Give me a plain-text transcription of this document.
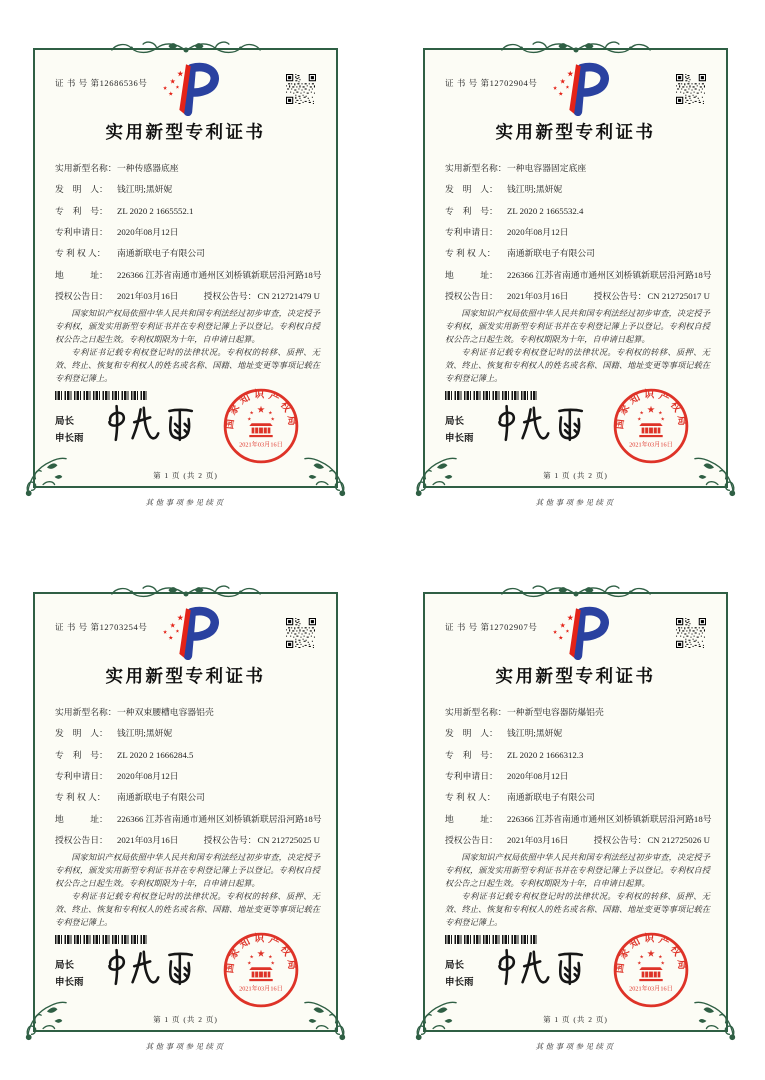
证 书 号 第12686536号
实用新型专利证书
实用新型名称： 一种传感器底座
发　明　人：	钱江明;黑妍妮
专　利　号：	ZL 2020 2 1665552.1
专利申请日：	2020年08月12日
专 利 权 人：	南通新联电子有限公司
地　　　址：	226366 江苏省南通市通州区刘桥镇新联居沿河路18号
授权公告日：	2021年03月16日	授权公告号： CN 212721479 U

国家知识产权局依照中华人民共和国专利法经过初步审查，决定授予专利权，颁发实用新型专利证书并在专利登记簿上予以登记。专利权自授权公告之日起生效。专利权期限为十年，自申请日起算。

专利证书记载专利权登记时的法律状况。专利权的转移、质押、无效、终止、恢复和专利权人的姓名或名称、国籍、地址变更等事项记载在专利登记簿上。

局长
申长雨
国家知识产权局
2021年03月16日
第 1 页 (共 2 页)
其他事项参见续页
证 书 号 第12702904号
实用新型专利证书
实用新型名称： 一种电容器固定底座
发　明　人：	钱江明;黑妍妮
专　利　号：	ZL 2020 2 1665532.4
专利申请日：	2020年08月12日
专 利 权 人：	南通新联电子有限公司
地　　　址：	226366 江苏省南通市通州区刘桥镇新联居沿河路18号
授权公告日：	2021年03月16日	授权公告号： CN 212725017 U

国家知识产权局依照中华人民共和国专利法经过初步审查，决定授予专利权，颁发实用新型专利证书并在专利登记簿上予以登记。专利权自授权公告之日起生效。专利权期限为十年，自申请日起算。

专利证书记载专利权登记时的法律状况。专利权的转移、质押、无效、终止、恢复和专利权人的姓名或名称、国籍、地址变更等事项记载在专利登记簿上。

局长
申长雨
国家知识产权局
2021年03月16日
第 1 页 (共 2 页)
其他事项参见续页
证 书 号 第12703254号
实用新型专利证书
实用新型名称： 一种双束腰槽电容器铝壳
发　明　人：	钱江明;黑妍妮
专　利　号：	ZL 2020 2 1666284.5
专利申请日：	2020年08月12日
专 利 权 人：	南通新联电子有限公司
地　　　址：	226366 江苏省南通市通州区刘桥镇新联居沿河路18号
授权公告日：	2021年03月16日	授权公告号： CN 212725025 U

国家知识产权局依照中华人民共和国专利法经过初步审查，决定授予专利权，颁发实用新型专利证书并在专利登记簿上予以登记。专利权自授权公告之日起生效。专利权期限为十年，自申请日起算。

专利证书记载专利权登记时的法律状况。专利权的转移、质押、无效、终止、恢复和专利权人的姓名或名称、国籍、地址变更等事项记载在专利登记簿上。

局长
申长雨
国家知识产权局
2021年03月16日
第 1 页 (共 2 页)
其他事项参见续页
证 书 号 第12702907号
实用新型专利证书
实用新型名称： 一种新型电容器防爆铝壳
发　明　人：	钱江明;黑妍妮
专　利　号：	ZL 2020 2 1666312.3
专利申请日：	2020年08月12日
专 利 权 人：	南通新联电子有限公司
地　　　址：	226366 江苏省南通市通州区刘桥镇新联居沿河路18号
授权公告日：	2021年03月16日	授权公告号： CN 212725026 U

国家知识产权局依照中华人民共和国专利法经过初步审查，决定授予专利权，颁发实用新型专利证书并在专利登记簿上予以登记。专利权自授权公告之日起生效。专利权期限为十年，自申请日起算。

专利证书记载专利权登记时的法律状况。专利权的转移、质押、无效、终止、恢复和专利权人的姓名或名称、国籍、地址变更等事项记载在专利登记簿上。

局长
申长雨
国家知识产权局
2021年03月16日
第 1 页 (共 2 页)
其他事项参见续页
